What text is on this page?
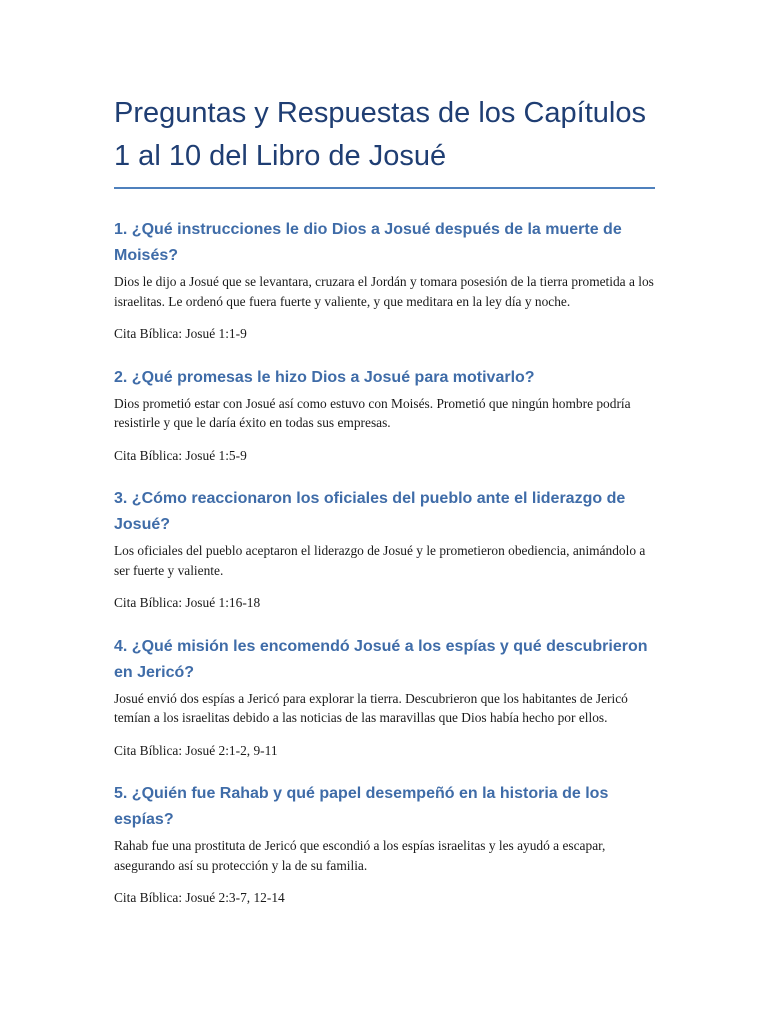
Preguntas y Respuestas de los Capítulos 1 al 10 del Libro de Josué
1. ¿Qué instrucciones le dio Dios a Josué después de la muerte de Moisés?

Dios le dijo a Josué que se levantara, cruzara el Jordán y tomara posesión de la tierra prometida a los israelitas. Le ordenó que fuera fuerte y valiente, y que meditara en la ley día y noche.

Cita Bíblica: Josué 1:1-9

2. ¿Qué promesas le hizo Dios a Josué para motivarlo?

Dios prometió estar con Josué así como estuvo con Moisés. Prometió que ningún hombre podría resistirle y que le daría éxito en todas sus empresas.

Cita Bíblica: Josué 1:5-9

3. ¿Cómo reaccionaron los oficiales del pueblo ante el liderazgo de Josué?

Los oficiales del pueblo aceptaron el liderazgo de Josué y le prometieron obediencia, animándolo a ser fuerte y valiente.

Cita Bíblica: Josué 1:16-18

4. ¿Qué misión les encomendó Josué a los espías y qué descubrieron en Jericó?

Josué envió dos espías a Jericó para explorar la tierra. Descubrieron que los habitantes de Jericó temían a los israelitas debido a las noticias de las maravillas que Dios había hecho por ellos.

Cita Bíblica: Josué 2:1-2, 9-11

5. ¿Quién fue Rahab y qué papel desempeñó en la historia de los espías?

Rahab fue una prostituta de Jericó que escondió a los espías israelitas y les ayudó a escapar, asegurando así su protección y la de su familia.

Cita Bíblica: Josué 2:3-7, 12-14
